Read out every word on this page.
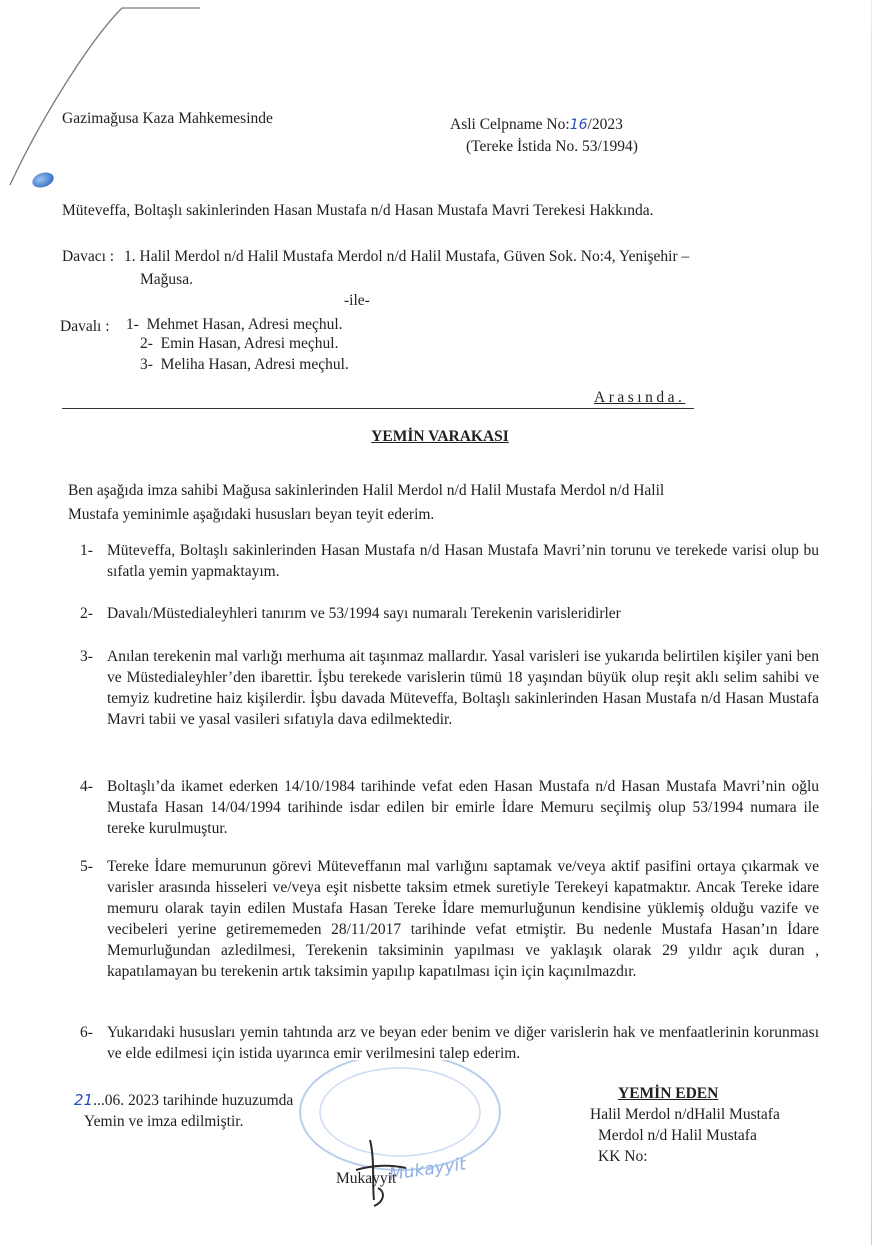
Gazimağusa Kaza Mahkemesinde	Asli Celpname No:16/2023
(Tereke İstida No. 53/1994)
Müteveffa, Boltaşlı sakinlerinden Hasan Mustafa n/d Hasan Mustafa Mavri Terekesi Hakkında.
Davacı : 1. Halil Merdol n/d Halil Mustafa Merdol n/d Halil Mustafa, Güven Sok. No:4, Yenişehir –
Mağusa.
-ile-
Davalı : 1- Mehmet Hasan, Adresi meçhul.
2- Emin Hasan, Adresi meçhul.
3- Meliha Hasan, Adresi meçhul.
Arasında.
YEMİN VARAKASI
Ben aşağıda imza sahibi Mağusa sakinlerinden Halil Merdol n/d Halil Mustafa Merdol n/d Halil
Mustafa yeminimle aşağıdaki hususları beyan teyit ederim.
1- Müteveffa, Boltaşlı sakinlerinden Hasan Mustafa n/d Hasan Mustafa Mavri’nin torunu ve terekede varisi olup bu sıfatla yemin yapmaktayım.
2- Davalı/Müstedialeyhleri tanırım ve 53/1994 sayı numaralı Terekenin varisleridirler
3- Anılan terekenin mal varlığı merhuma ait taşınmaz mallardır. Yasal varisleri ise yukarıda belirtilen kişiler yani ben ve Müstedialeyhler’den ibarettir. İşbu terekede varislerin tümü 18 yaşından büyük olup reşit aklı selim sahibi ve temyiz kudretine haiz kişilerdir. İşbu davada Müteveffa, Boltaşlı sakinlerinden Hasan Mustafa n/d Hasan Mustafa Mavri tabii ve yasal vasileri sıfatıyla dava edilmektedir.
4- Boltaşlı’da ikamet ederken 14/10/1984 tarihinde vefat eden Hasan Mustafa n/d Hasan Mustafa Mavri’nin oğlu Mustafa Hasan 14/04/1994 tarihinde isdar edilen bir emirle İdare Memuru seçilmiş olup 53/1994 numara ile tereke kurulmuştur.
5- Tereke İdare memurunun görevi Müteveffanın mal varlığını saptamak ve/veya aktif pasifini ortaya çıkarmak ve varisler arasında hisseleri ve/veya eşit nisbette taksim etmek suretiyle Terekeyi kapatmaktır. Ancak Tereke idare memuru olarak tayin edilen Mustafa Hasan Tereke İdare memurluğunun kendisine yüklemiş olduğu vazife ve vecibeleri yerine getirememeden 28/11/2017 tarihinde vefat etmiştir. Bu nedenle Mustafa Hasan’ın İdare Memurluğundan azledilmesi, Terekenin taksiminin yapılması ve yaklaşık olarak 29 yıldır açık duran , kapatılamayan bu terekenin artık taksimin yapılıp kapatılması için için kaçınılmazdır.
6- Yukarıdaki hususları yemin tahtında arz ve beyan eder benim ve diğer varislerin hak ve menfaatlerinin korunması ve elde edilmesi için istida uyarınca emir verilmesini talep ederim.
21...06. 2023 tarihinde huzuzumda
Yemin ve imza edilmiştir.
Mukayyit
Mukayyit
YEMİN EDEN
Halil Merdol n/dHalil Mustafa
Merdol n/d Halil Mustafa
KK No:
